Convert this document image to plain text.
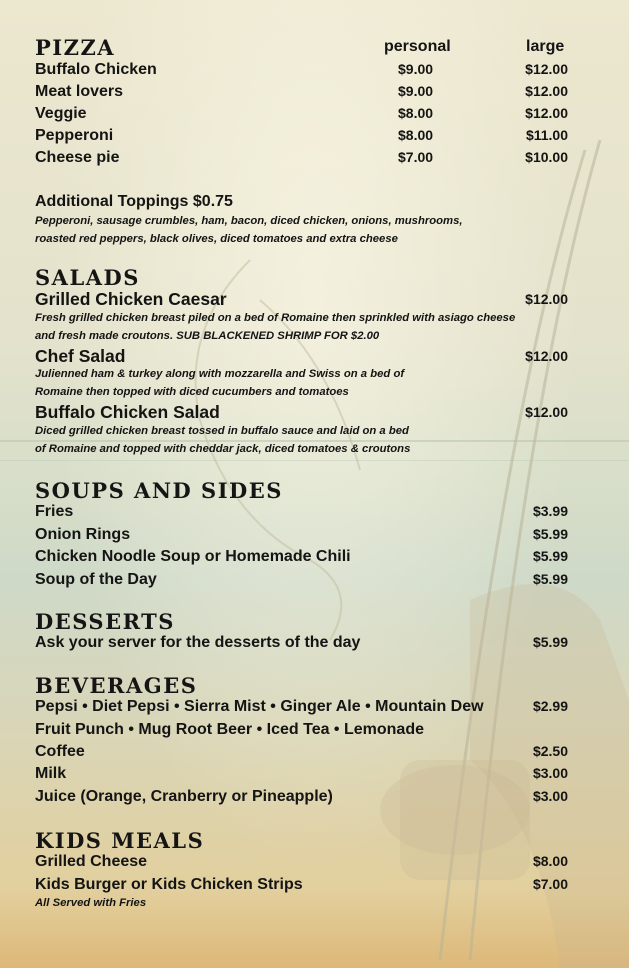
PIZZA	personal	large
Buffalo Chicken	$9.00	$12.00
Meat lovers	$9.00	$12.00
Veggie	$8.00	$12.00
Pepperoni	$8.00	$11.00
Cheese pie	$7.00	$10.00
Additional Toppings $0.75
Pepperoni, sausage crumbles, ham, bacon, diced chicken, onions, mushrooms,
roasted red peppers, black olives, diced tomatoes and extra cheese
SALADS
Grilled Chicken Caesar	$12.00
Fresh grilled chicken breast piled on a bed of Romaine then sprinkled with asiago cheese
and fresh made croutons. SUB BLACKENED SHRIMP FOR $2.00
Chef Salad	$12.00
Julienned ham & turkey along with mozzarella and Swiss on a bed of
Romaine then topped with diced cucumbers and tomatoes
Buffalo Chicken Salad	$12.00
Diced grilled chicken breast tossed in buffalo sauce and laid on a bed
of Romaine and topped with cheddar jack, diced tomatoes & croutons
SOUPS AND SIDES
Fries	$3.99
Onion Rings	$5.99
Chicken Noodle Soup or Homemade Chili	$5.99
Soup of the Day	$5.99
DESSERTS
Ask your server for the desserts of the day	$5.99
BEVERAGES
Pepsi • Diet Pepsi • Sierra Mist • Ginger Ale • Mountain Dew	$2.99
Fruit Punch • Mug Root Beer • Iced Tea • Lemonade
Coffee	$2.50
Milk	$3.00
Juice (Orange, Cranberry or Pineapple)	$3.00
KIDS MEALS
Grilled Cheese	$8.00
Kids Burger or Kids Chicken Strips	$7.00
All Served with Fries
